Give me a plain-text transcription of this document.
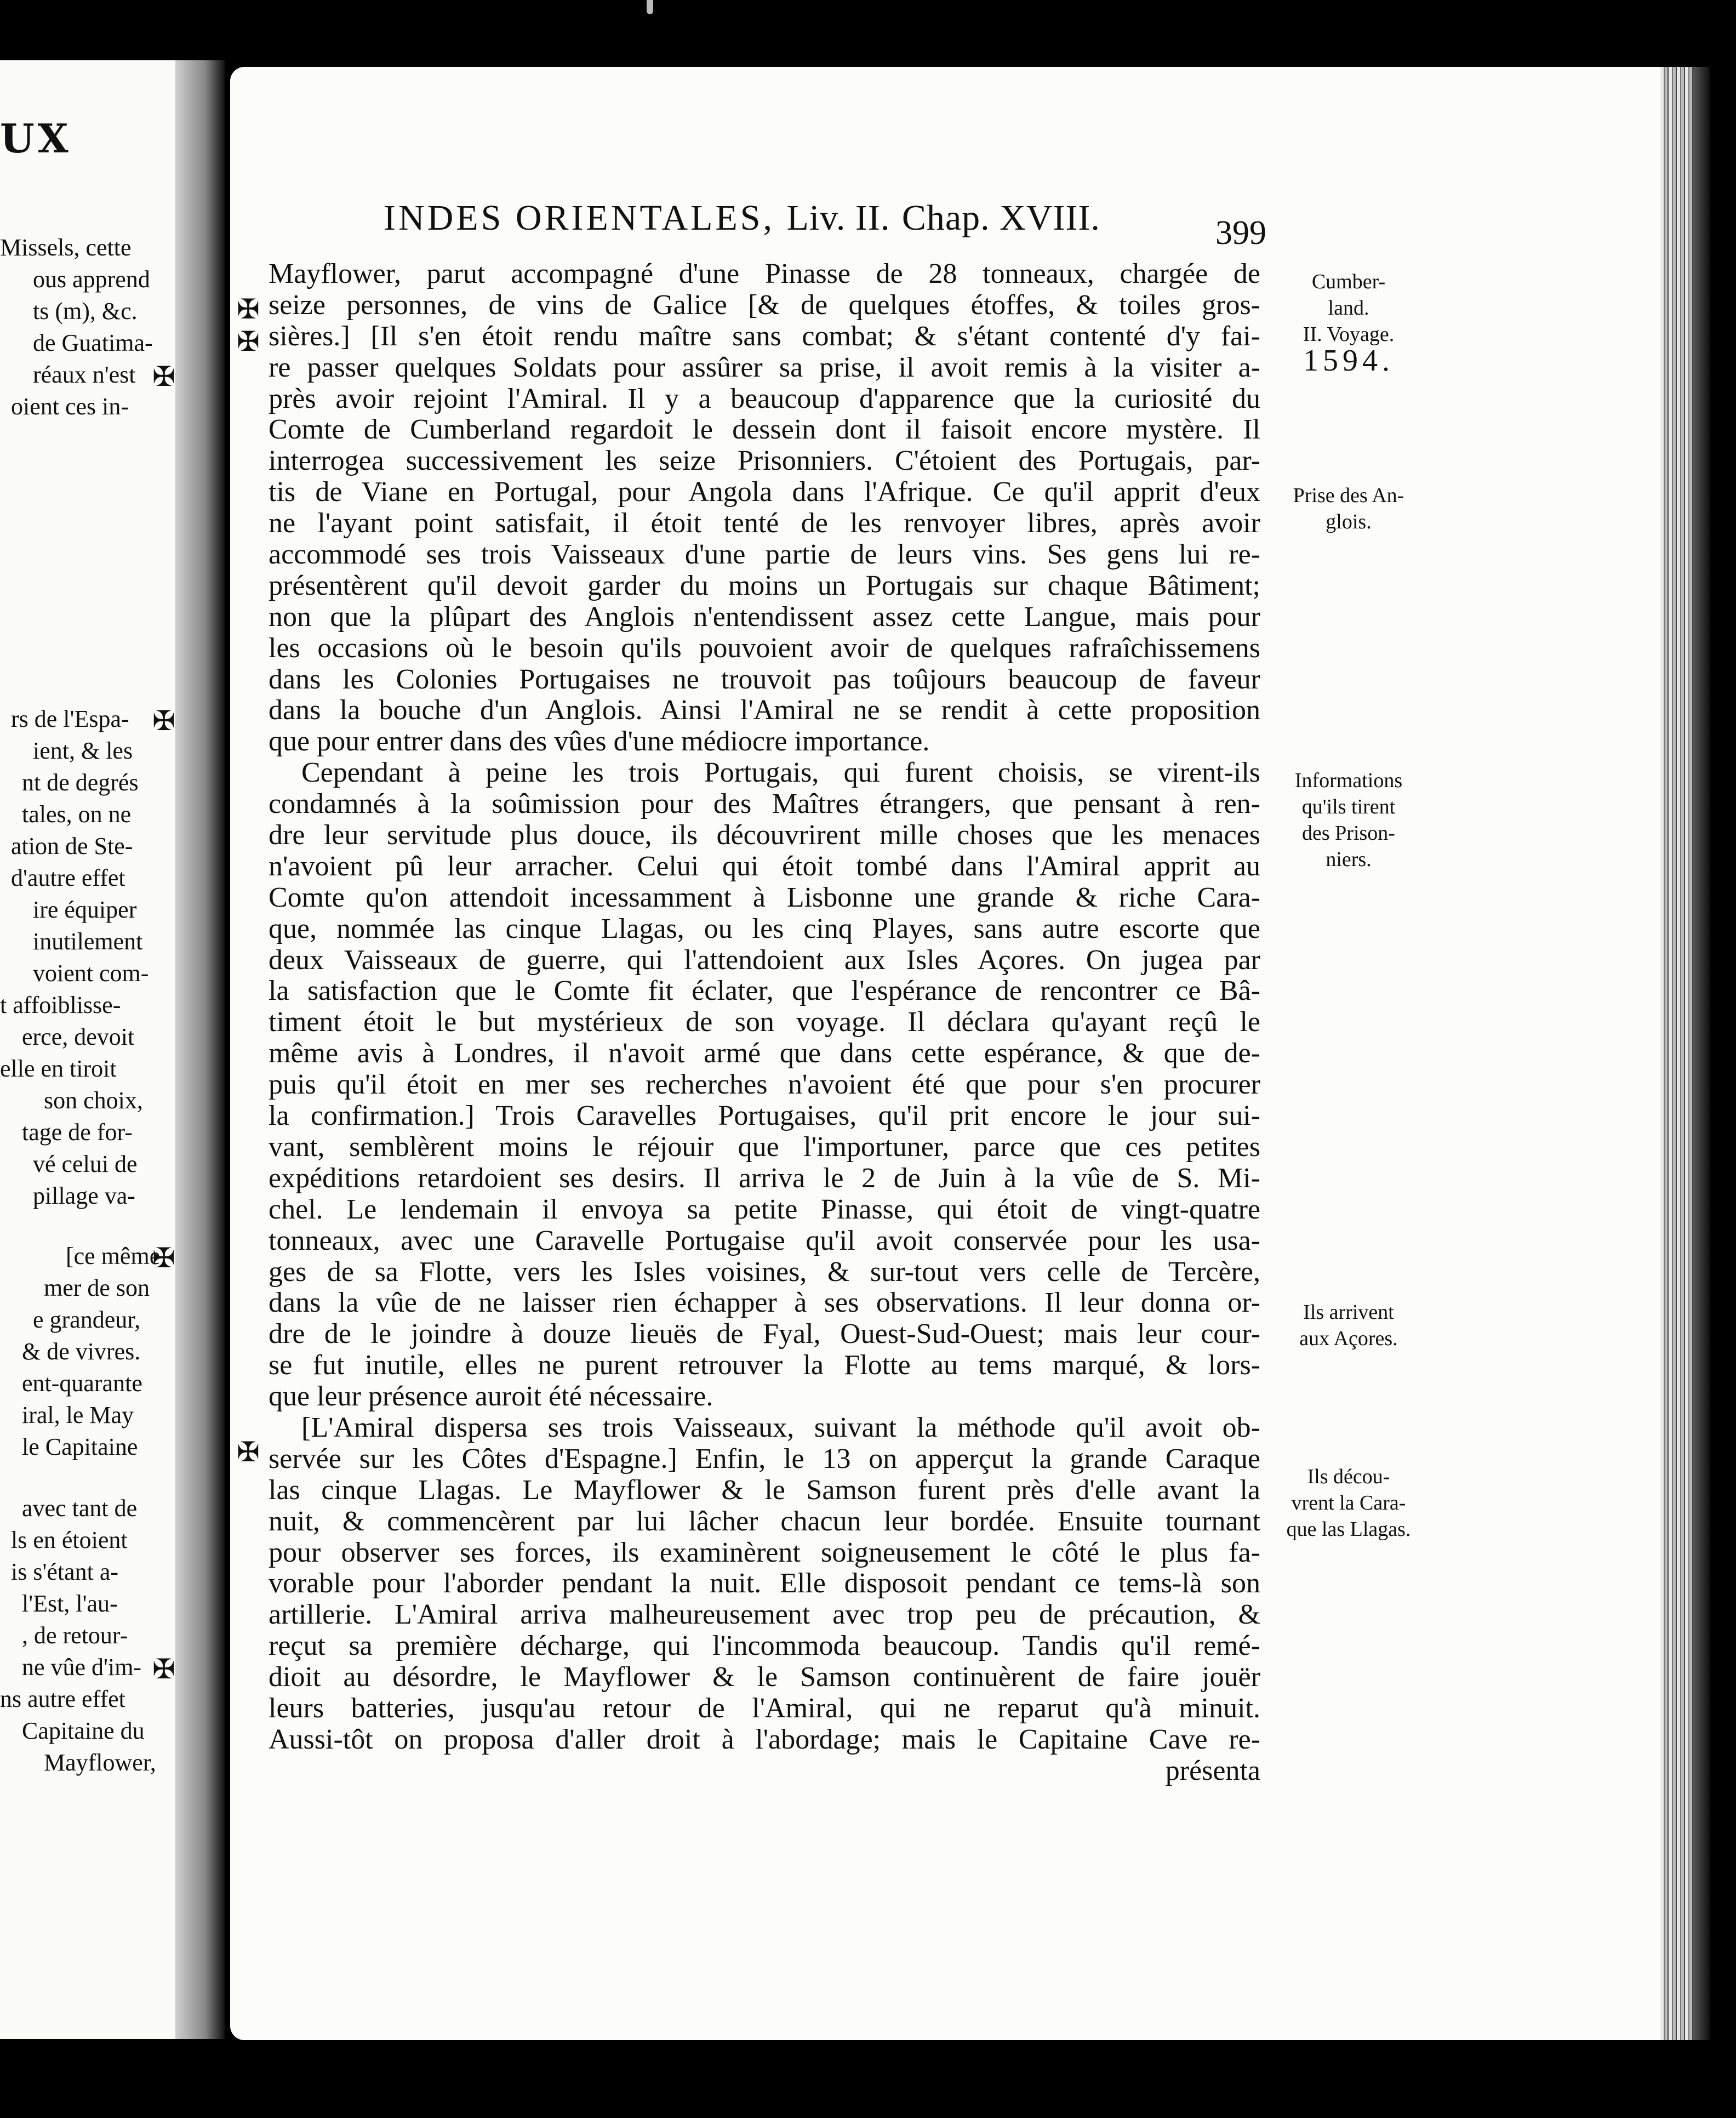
UX
Missels, cette
ous apprend
ts (m), &c.
de Guatima-
réaux n'est ✠
oient ces in-
rs de l'Espa- ✠
ient, & les
nt de degrés
tales, on ne
ation de Ste-
d'autre effet
ire équiper
inutilement
voient com-
t affoiblisse-
erce, devoit
elle en tiroit
son choix,
tage de for-
vé celui de
pillage va-
[ce même
✠
mer de son
e grandeur,
& de vivres.
ent-quarante
iral, le May
le Capitaine
avec tant de
ls en étoient
is s'étant a-
l'Est, l'au-
, de retour-
ne vûe d'im- ✠
ns autre effet
Capitaine du
Mayflower,
INDES ORIENTALES, Liv. II. Chap. XVIII.	399
Mayflower, parut accompagné d'une Pinasse de 28 tonneaux, chargée de
seize personnes, de vins de Galice [& de quelques étoffes, & toiles gros-
sières.] [Il s'en étoit rendu maître sans combat; & s'étant contenté d'y fai-
re passer quelques Soldats pour assûrer sa prise, il avoit remis à la visiter a-
près avoir rejoint l'Amiral. Il y a beaucoup d'apparence que la curiosité du
Comte de Cumberland regardoit le dessein dont il faisoit encore mystère. Il
interrogea successivement les seize Prisonniers. C'étoient des Portugais, par-
tis de Viane en Portugal, pour Angola dans l'Afrique. Ce qu'il apprit d'eux
ne l'ayant point satisfait, il étoit tenté de les renvoyer libres, après avoir
accommodé ses trois Vaisseaux d'une partie de leurs vins. Ses gens lui re-
présentèrent qu'il devoit garder du moins un Portugais sur chaque Bâtiment;
non que la plûpart des Anglois n'entendissent assez cette Langue, mais pour
les occasions où le besoin qu'ils pouvoient avoir de quelques rafraîchissemens
dans les Colonies Portugaises ne trouvoit pas toûjours beaucoup de faveur
dans la bouche d'un Anglois. Ainsi l'Amiral ne se rendit à cette proposition
que pour entrer dans des vûes d'une médiocre importance.
Cependant à peine les trois Portugais, qui furent choisis, se virent-ils
condamnés à la soûmission pour des Maîtres étrangers, que pensant à ren-
dre leur servitude plus douce, ils découvrirent mille choses que les menaces
n'avoient pû leur arracher. Celui qui étoit tombé dans l'Amiral apprit au
Comte qu'on attendoit incessamment à Lisbonne une grande & riche Cara-
que, nommée las cinque Llagas, ou les cinq Playes, sans autre escorte que
deux Vaisseaux de guerre, qui l'attendoient aux Isles Açores. On jugea par
la satisfaction que le Comte fit éclater, que l'espérance de rencontrer ce Bâ-
timent étoit le but mystérieux de son voyage. Il déclara qu'ayant reçû le
même avis à Londres, il n'avoit armé que dans cette espérance, & que de-
puis qu'il étoit en mer ses recherches n'avoient été que pour s'en procurer
la confirmation.] Trois Caravelles Portugaises, qu'il prit encore le jour sui-
vant, semblèrent moins le réjouir que l'importuner, parce que ces petites
expéditions retardoient ses desirs. Il arriva le 2 de Juin à la vûe de S. Mi-
chel. Le lendemain il envoya sa petite Pinasse, qui étoit de vingt-quatre
tonneaux, avec une Caravelle Portugaise qu'il avoit conservée pour les usa-
ges de sa Flotte, vers les Isles voisines, & sur-tout vers celle de Tercère,
dans la vûe de ne laisser rien échapper à ses observations. Il leur donna or-
dre de le joindre à douze lieuës de Fyal, Ouest-Sud-Ouest; mais leur cour-
se fut inutile, elles ne purent retrouver la Flotte au tems marqué, & lors-
que leur présence auroit été nécessaire.
[L'Amiral dispersa ses trois Vaisseaux, suivant la méthode qu'il avoit ob-
servée sur les Côtes d'Espagne.] Enfin, le 13 on apperçut la grande Caraque
las cinque Llagas. Le Mayflower & le Samson furent près d'elle avant la
nuit, & commencèrent par lui lâcher chacun leur bordée. Ensuite tournant
pour observer ses forces, ils examinèrent soigneusement le côté le plus fa-
vorable pour l'aborder pendant la nuit. Elle disposoit pendant ce tems-là son
artillerie. L'Amiral arriva malheureusement avec trop peu de précaution, &
reçut sa première décharge, qui l'incommoda beaucoup. Tandis qu'il remé-
dioit au désordre, le Mayflower & le Samson continuèrent de faire jouër
leurs batteries, jusqu'au retour de l'Amiral, qui ne reparut qu'à minuit.
Aussi-tôt on proposa d'aller droit à l'abordage; mais le Capitaine Cave re-
présenta
Cumber-
land.
II. Voyage.
1594.
Prise des An-
glois.
Informations
qu'ils tirent
des Prison-
niers.
Ils arrivent
aux Açores.
Ils décou-
vrent la Cara-
que las Llagas.
✠
✠
✠
